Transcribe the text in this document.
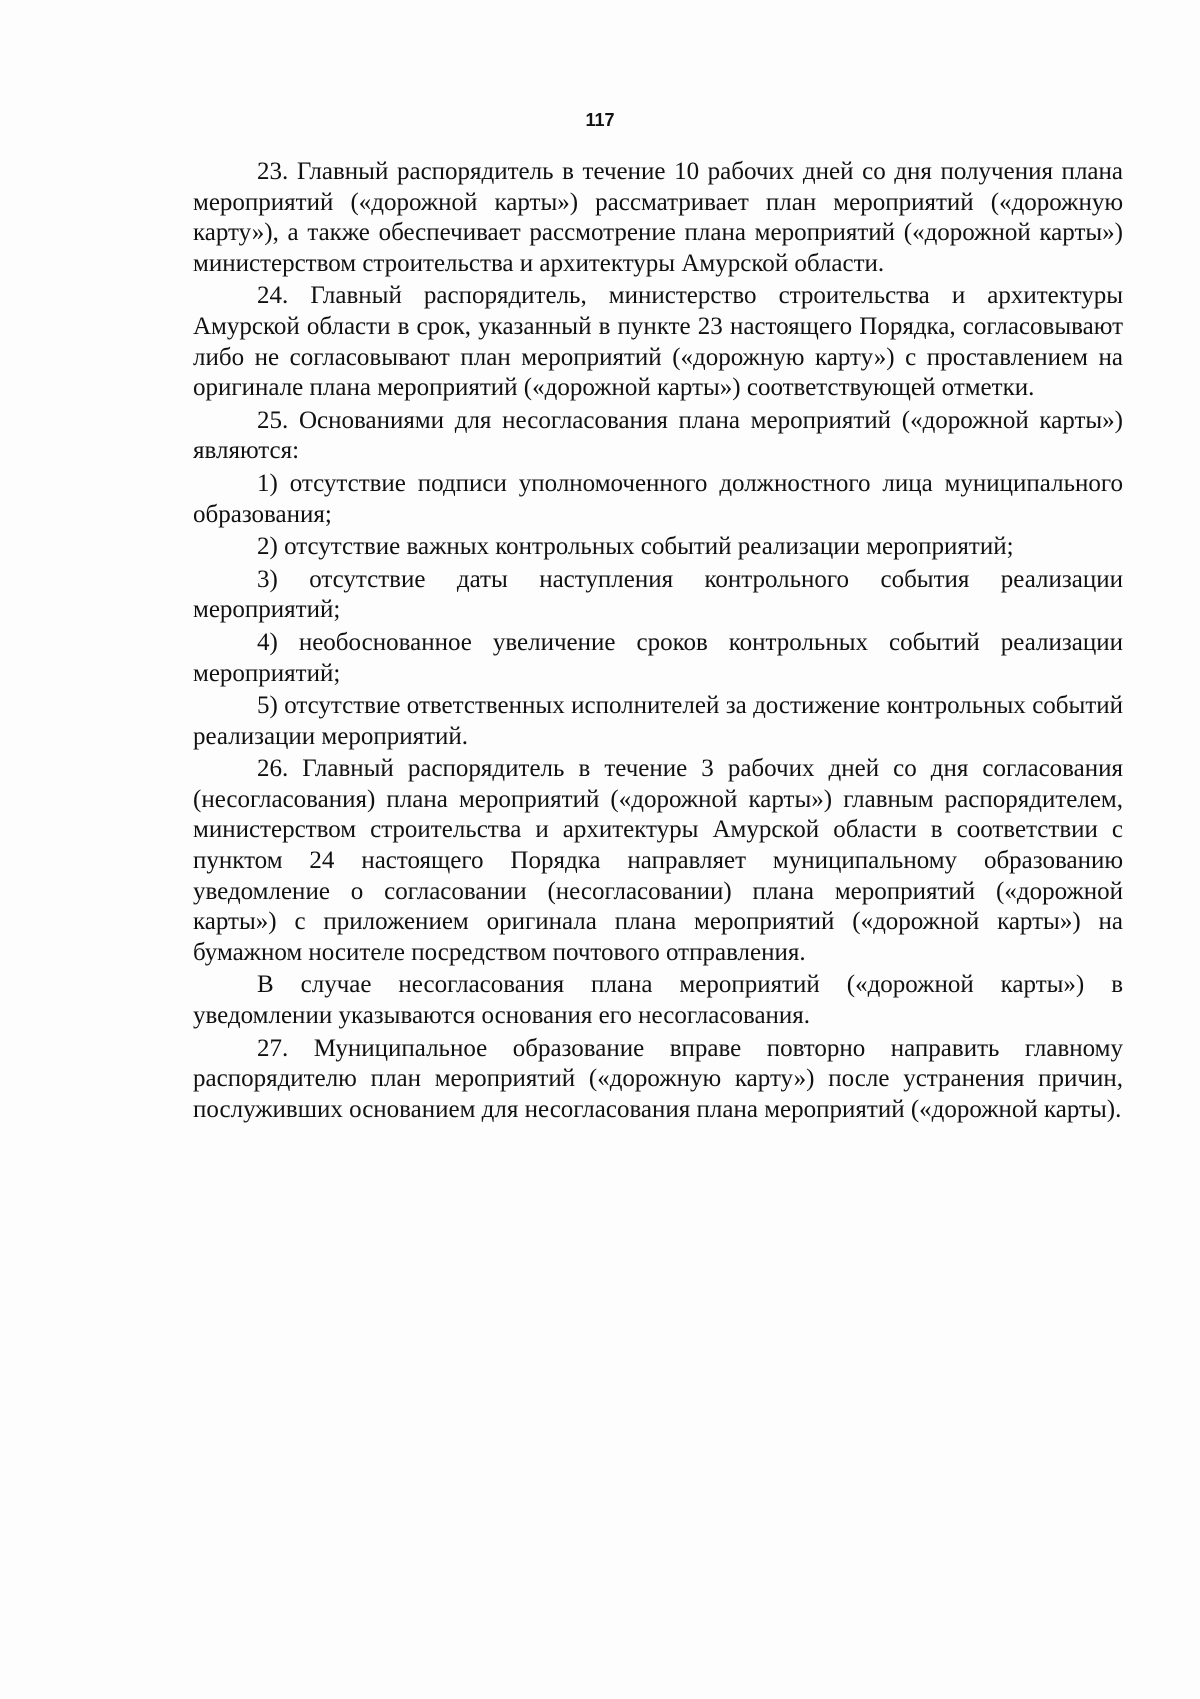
117

23. Главный распорядитель в течение 10 рабочих дней со дня получения плана мероприятий («дорожной карты») рассматривает план мероприятий («дорожную карту»), а также обеспечивает рассмотрение плана мероприятий («дорожной карты») министерством строительства и архитектуры Амурской области.

24. Главный распорядитель, министерство строительства и архитектуры Амурской области в срок, указанный в пункте 23 настоящего Порядка, согласовывают либо не согласовывают план мероприятий («дорожную карту») с проставлением на оригинале плана мероприятий («дорожной карты») соответствующей отметки.

25. Основаниями для несогласования плана мероприятий («дорожной карты») являются:

1) отсутствие подписи уполномоченного должностного лица муниципального образования;

2) отсутствие важных контрольных событий реализации мероприятий;

3) отсутствие даты наступления контрольного события реализации мероприятий;

4) необоснованное увеличение сроков контрольных событий реализации мероприятий;

5) отсутствие ответственных исполнителей за достижение контрольных событий реализации мероприятий.

26. Главный распорядитель в течение 3 рабочих дней со дня согласования (несогласования) плана мероприятий («дорожной карты») главным распорядителем, министерством строительства и архитектуры Амурской области в соответствии с пунктом 24 настоящего Порядка направляет муниципальному образованию уведомление о согласовании (несогласовании) плана мероприятий («дорожной карты») с приложением оригинала плана мероприятий («дорожной карты») на бумажном носителе посредством почтового отправления.

В случае несогласования плана мероприятий («дорожной карты») в уведомлении указываются основания его несогласования.

27. Муниципальное образование вправе повторно направить главному распорядителю план мероприятий («дорожную карту») после устранения причин, послуживших основанием для несогласования плана мероприятий («дорожной карты).
